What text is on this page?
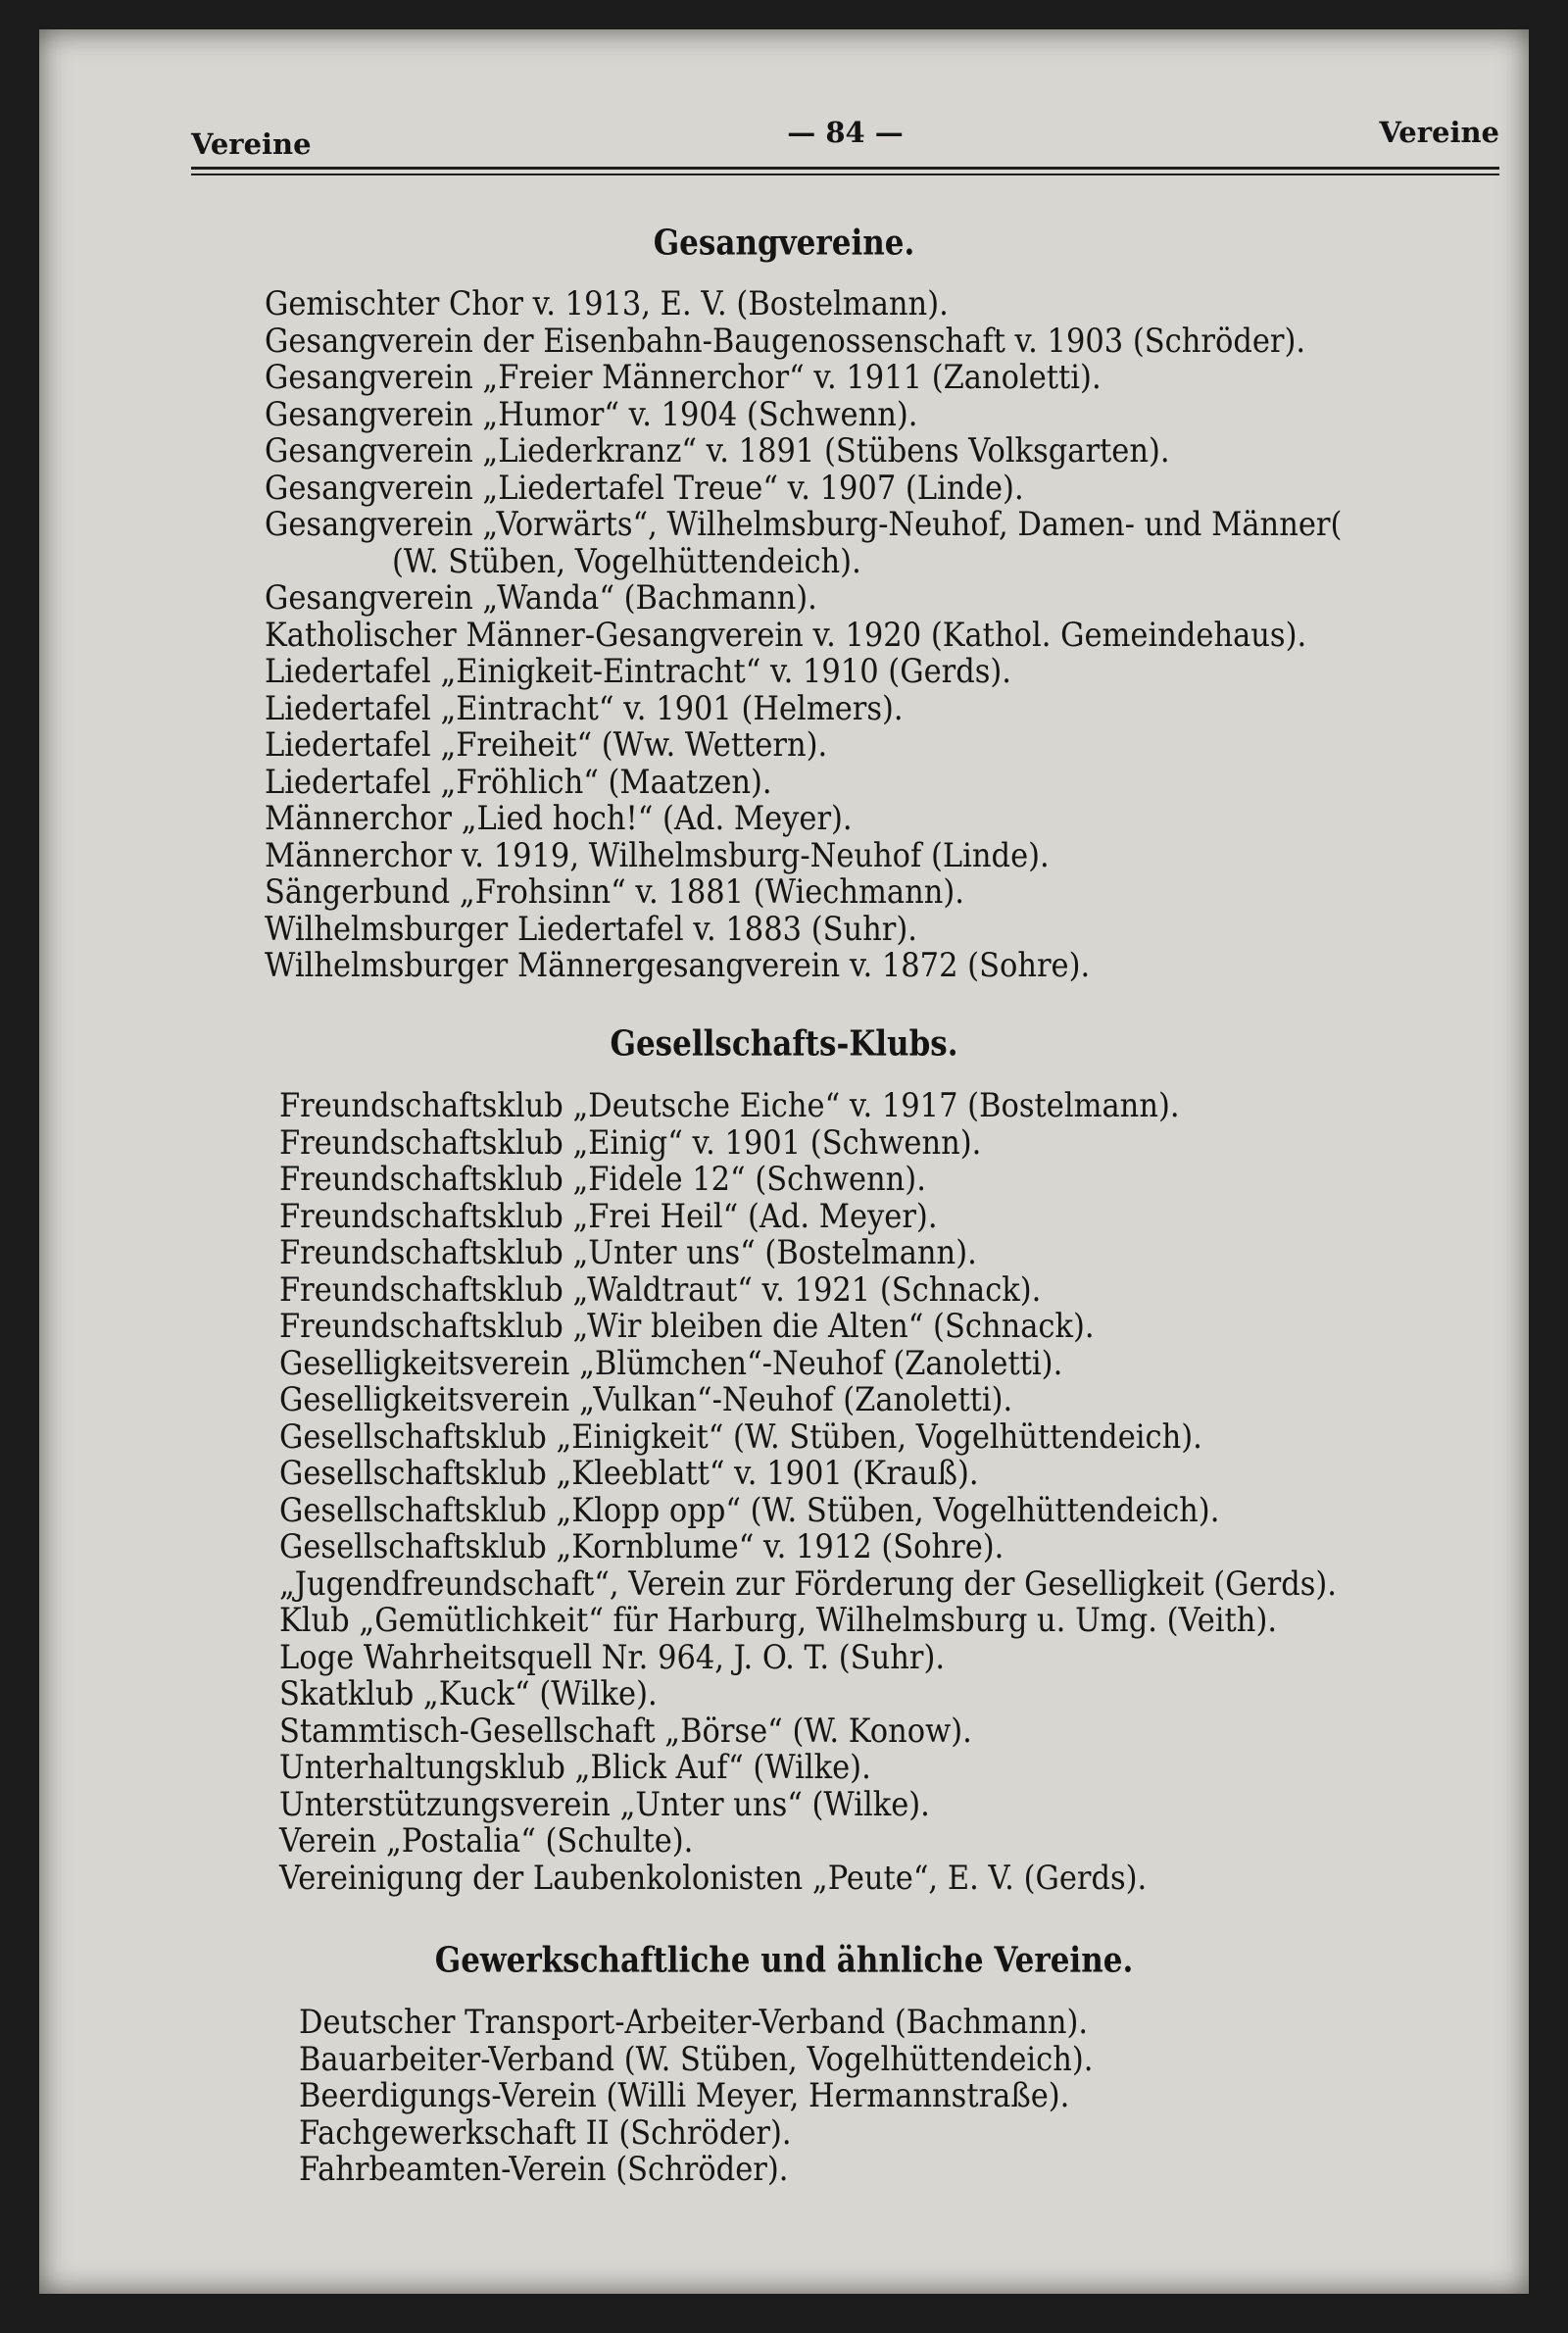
Vereine	— 84 —	Vereine
Gesangvereine.
Gemischter Chor v. 1913, E. V. (Bostelmann).
Gesangverein der Eisenbahn-Baugenossenschaft v. 1903 (Schröder).
Gesangverein „Freier Männerchor“ v. 1911 (Zanoletti).
Gesangverein „Humor“ v. 1904 (Schwenn).
Gesangverein „Liederkranz“ v. 1891 (Stübens Volksgarten).
Gesangverein „Liedertafel Treue“ v. 1907 (Linde).
Gesangverein „Vorwärts“, Wilhelmsburg-Neuhof, Damen- und Männer(
(W. Stüben, Vogelhüttendeich).
Gesangverein „Wanda“ (Bachmann).
Katholischer Männer-Gesangverein v. 1920 (Kathol. Gemeindehaus).
Liedertafel „Einigkeit-Eintracht“ v. 1910 (Gerds).
Liedertafel „Eintracht“ v. 1901 (Helmers).
Liedertafel „Freiheit“ (Ww. Wettern).
Liedertafel „Fröhlich“ (Maatzen).
Männerchor „Lied hoch!“ (Ad. Meyer).
Männerchor v. 1919, Wilhelmsburg-Neuhof (Linde).
Sängerbund „Frohsinn“ v. 1881 (Wiechmann).
Wilhelmsburger Liedertafel v. 1883 (Suhr).
Wilhelmsburger Männergesangverein v. 1872 (Sohre).
Gesellschafts-Klubs.
Freundschaftsklub „Deutsche Eiche“ v. 1917 (Bostelmann).
Freundschaftsklub „Einig“ v. 1901 (Schwenn).
Freundschaftsklub „Fidele 12“ (Schwenn).
Freundschaftsklub „Frei Heil“ (Ad. Meyer).
Freundschaftsklub „Unter uns“ (Bostelmann).
Freundschaftsklub „Waldtraut“ v. 1921 (Schnack).
Freundschaftsklub „Wir bleiben die Alten“ (Schnack).
Geselligkeitsverein „Blümchen“-Neuhof (Zanoletti).
Geselligkeitsverein „Vulkan“-Neuhof (Zanoletti).
Gesellschaftsklub „Einigkeit“ (W. Stüben, Vogelhüttendeich).
Gesellschaftsklub „Kleeblatt“ v. 1901 (Krauß).
Gesellschaftsklub „Klopp opp“ (W. Stüben, Vogelhüttendeich).
Gesellschaftsklub „Kornblume“ v. 1912 (Sohre).
„Jugendfreundschaft“, Verein zur Förderung der Geselligkeit (Gerds).
Klub „Gemütlichkeit“ für Harburg, Wilhelmsburg u. Umg. (Veith).
Loge Wahrheitsquell Nr. 964, J. O. T. (Suhr).
Skatklub „Kuck“ (Wilke).
Stammtisch-Gesellschaft „Börse“ (W. Konow).
Unterhaltungsklub „Blick Auf“ (Wilke).
Unterstützungsverein „Unter uns“ (Wilke).
Verein „Postalia“ (Schulte).
Vereinigung der Laubenkolonisten „Peute“, E. V. (Gerds).
Gewerkschaftliche und ähnliche Vereine.
Deutscher Transport-Arbeiter-Verband (Bachmann).
Bauarbeiter-Verband (W. Stüben, Vogelhüttendeich).
Beerdigungs-Verein (Willi Meyer, Hermannstraße).
Fachgewerkschaft II (Schröder).
Fahrbeamten-Verein (Schröder).
